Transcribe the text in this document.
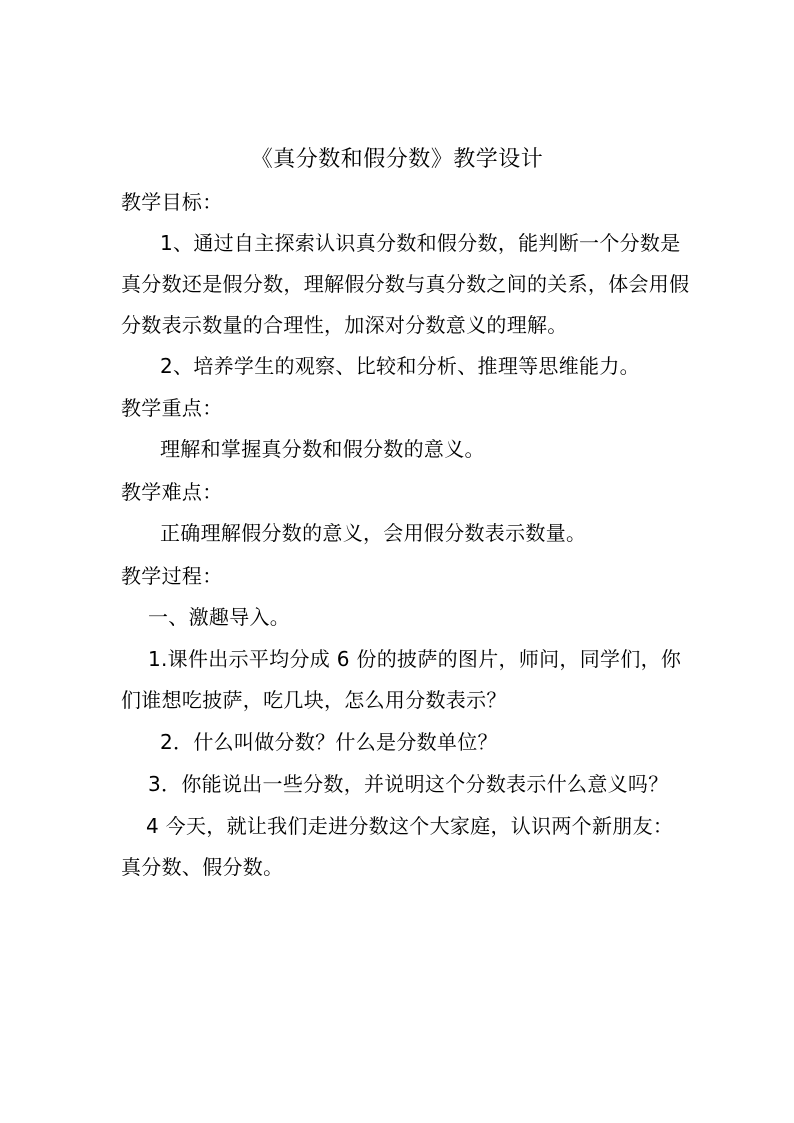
《真分数和假分数》教学设计
教学目标：
1、通过自主探索认识真分数和假分数，能判断一个分数是
真分数还是假分数，理解假分数与真分数之间的关系，体会用假
分数表示数量的合理性，加深对分数意义的理解。
2、培养学生的观察、比较和分析、推理等思维能力。
教学重点：
理解和掌握真分数和假分数的意义。
教学难点：
正确理解假分数的意义，会用假分数表示数量。
教学过程：
一、激趣导入。
1.课件出示平均分成 6 份的披萨的图片，师问，同学们，你
们谁想吃披萨，吃几块，怎么用分数表示？
2．什么叫做分数？什么是分数单位？
3．你能说出一些分数，并说明这个分数表示什么意义吗？
4 今天，就让我们走进分数这个大家庭，认识两个新朋友：
真分数、假分数。
